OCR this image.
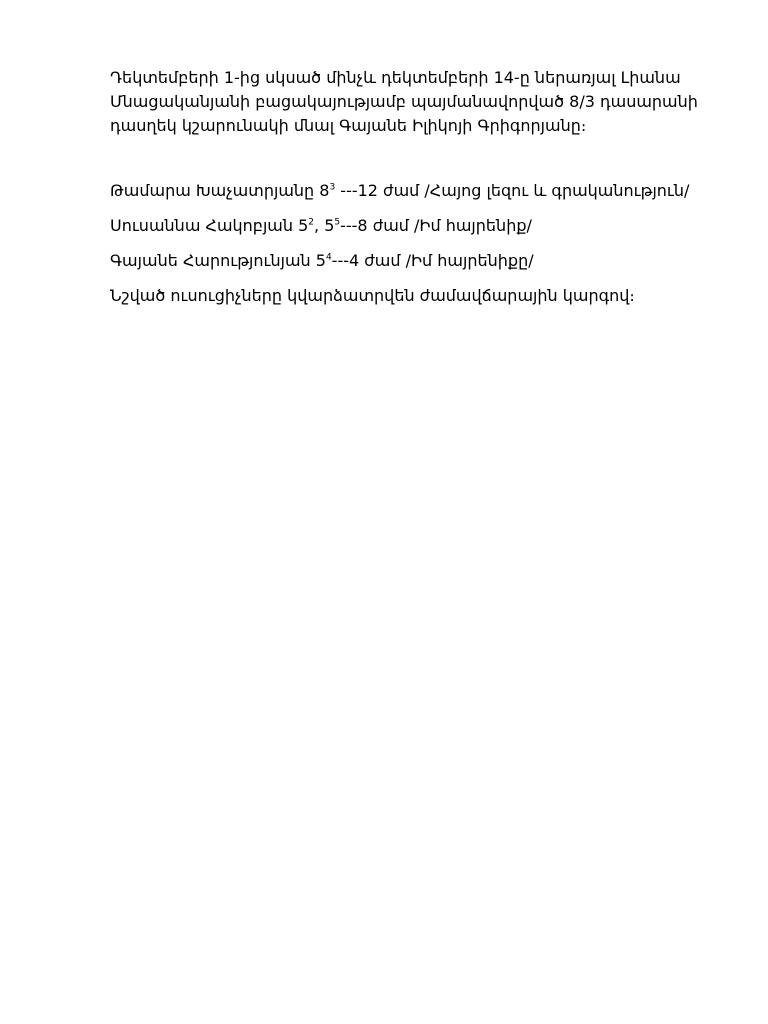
Դեկտեմբերի 1-ից սկսած մինչև դեկտեմբերի 14-ը ներառյալ Լիանա Մնացականյանի բացակայությամբ պայմանավորված 8/3 դասարանի դասղեկ կշարունակի մնալ Գայանե Իլիկոյի Գրիգորյանը։

Թամարա Խաչատրյանը $8^3$ ---12 ժամ /Հայոց լեզու և գրականություն/

Սուսաննա Հակոբյան $5^2$, $5^5---8$ ժամ /Իմ հայրենիք/

Գայանե Հարությունյան $5^4---4$ ժամ /Իմ հայրենիքը/

Նշված ուսուցիչները կվարձատրվեն ժամավճարային կարգով։
